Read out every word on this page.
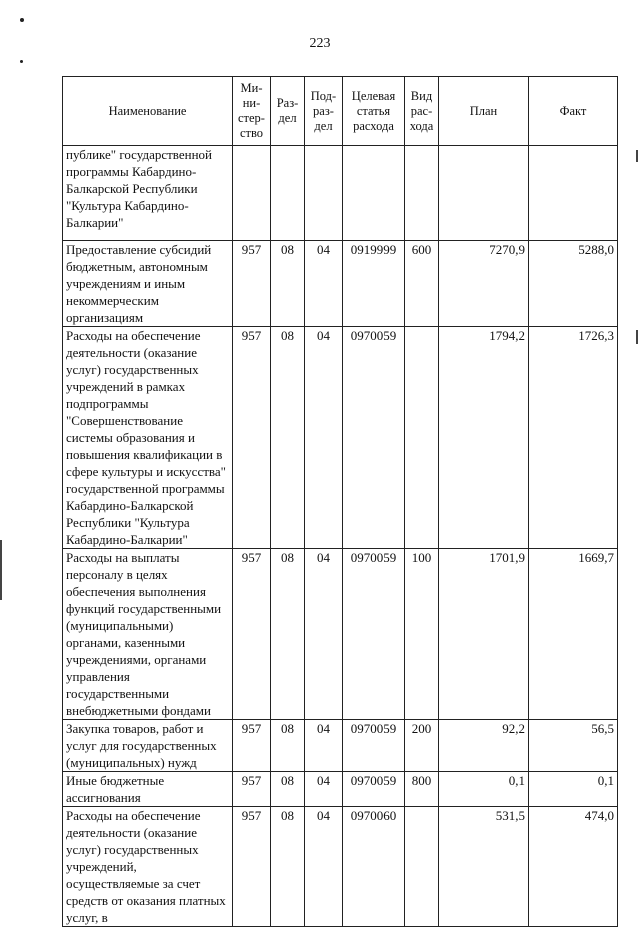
223
Наименование	Ми-
ни-
стер-
ство	Раз-
дел	Под-
раз-
дел	Целевая
статья
расхода	Вид
рас-
хода	План	Факт
публике" государственной программы Кабардино-Балкарской Республики "Культура Кабардино-Балкарии"							
Предоставление субсидий бюджетным, автономным учреждениям и иным некоммерческим организациям	957	08	04	0919999	600	7270,9	5288,0
Расходы на обеспечение деятельности (оказание услуг) государственных учреждений в рамках подпрограммы "Совершенствование системы образования и повышения квалификации в сфере культуры и искусства" государственной программы Кабардино-Балкарской Республики "Культура Кабардино-Балкарии"	957	08	04	0970059		1794,2	1726,3
Расходы на выплаты персоналу в целях обеспечения выполнения функций государственными (муниципальными) органами, казенными учреждениями, органами управления государственными внебюджетными фондами	957	08	04	0970059	100	1701,9	1669,7
Закупка товаров, работ и услуг для государственных (муниципальных) нужд	957	08	04	0970059	200	92,2	56,5
Иные бюджетные ассигнования	957	08	04	0970059	800	0,1	0,1
Расходы на обеспечение деятельности (оказание услуг) государственных учреждений, осуществляемые за счет средств от оказания платных услуг, в	957	08	04	0970060		531,5	474,0
